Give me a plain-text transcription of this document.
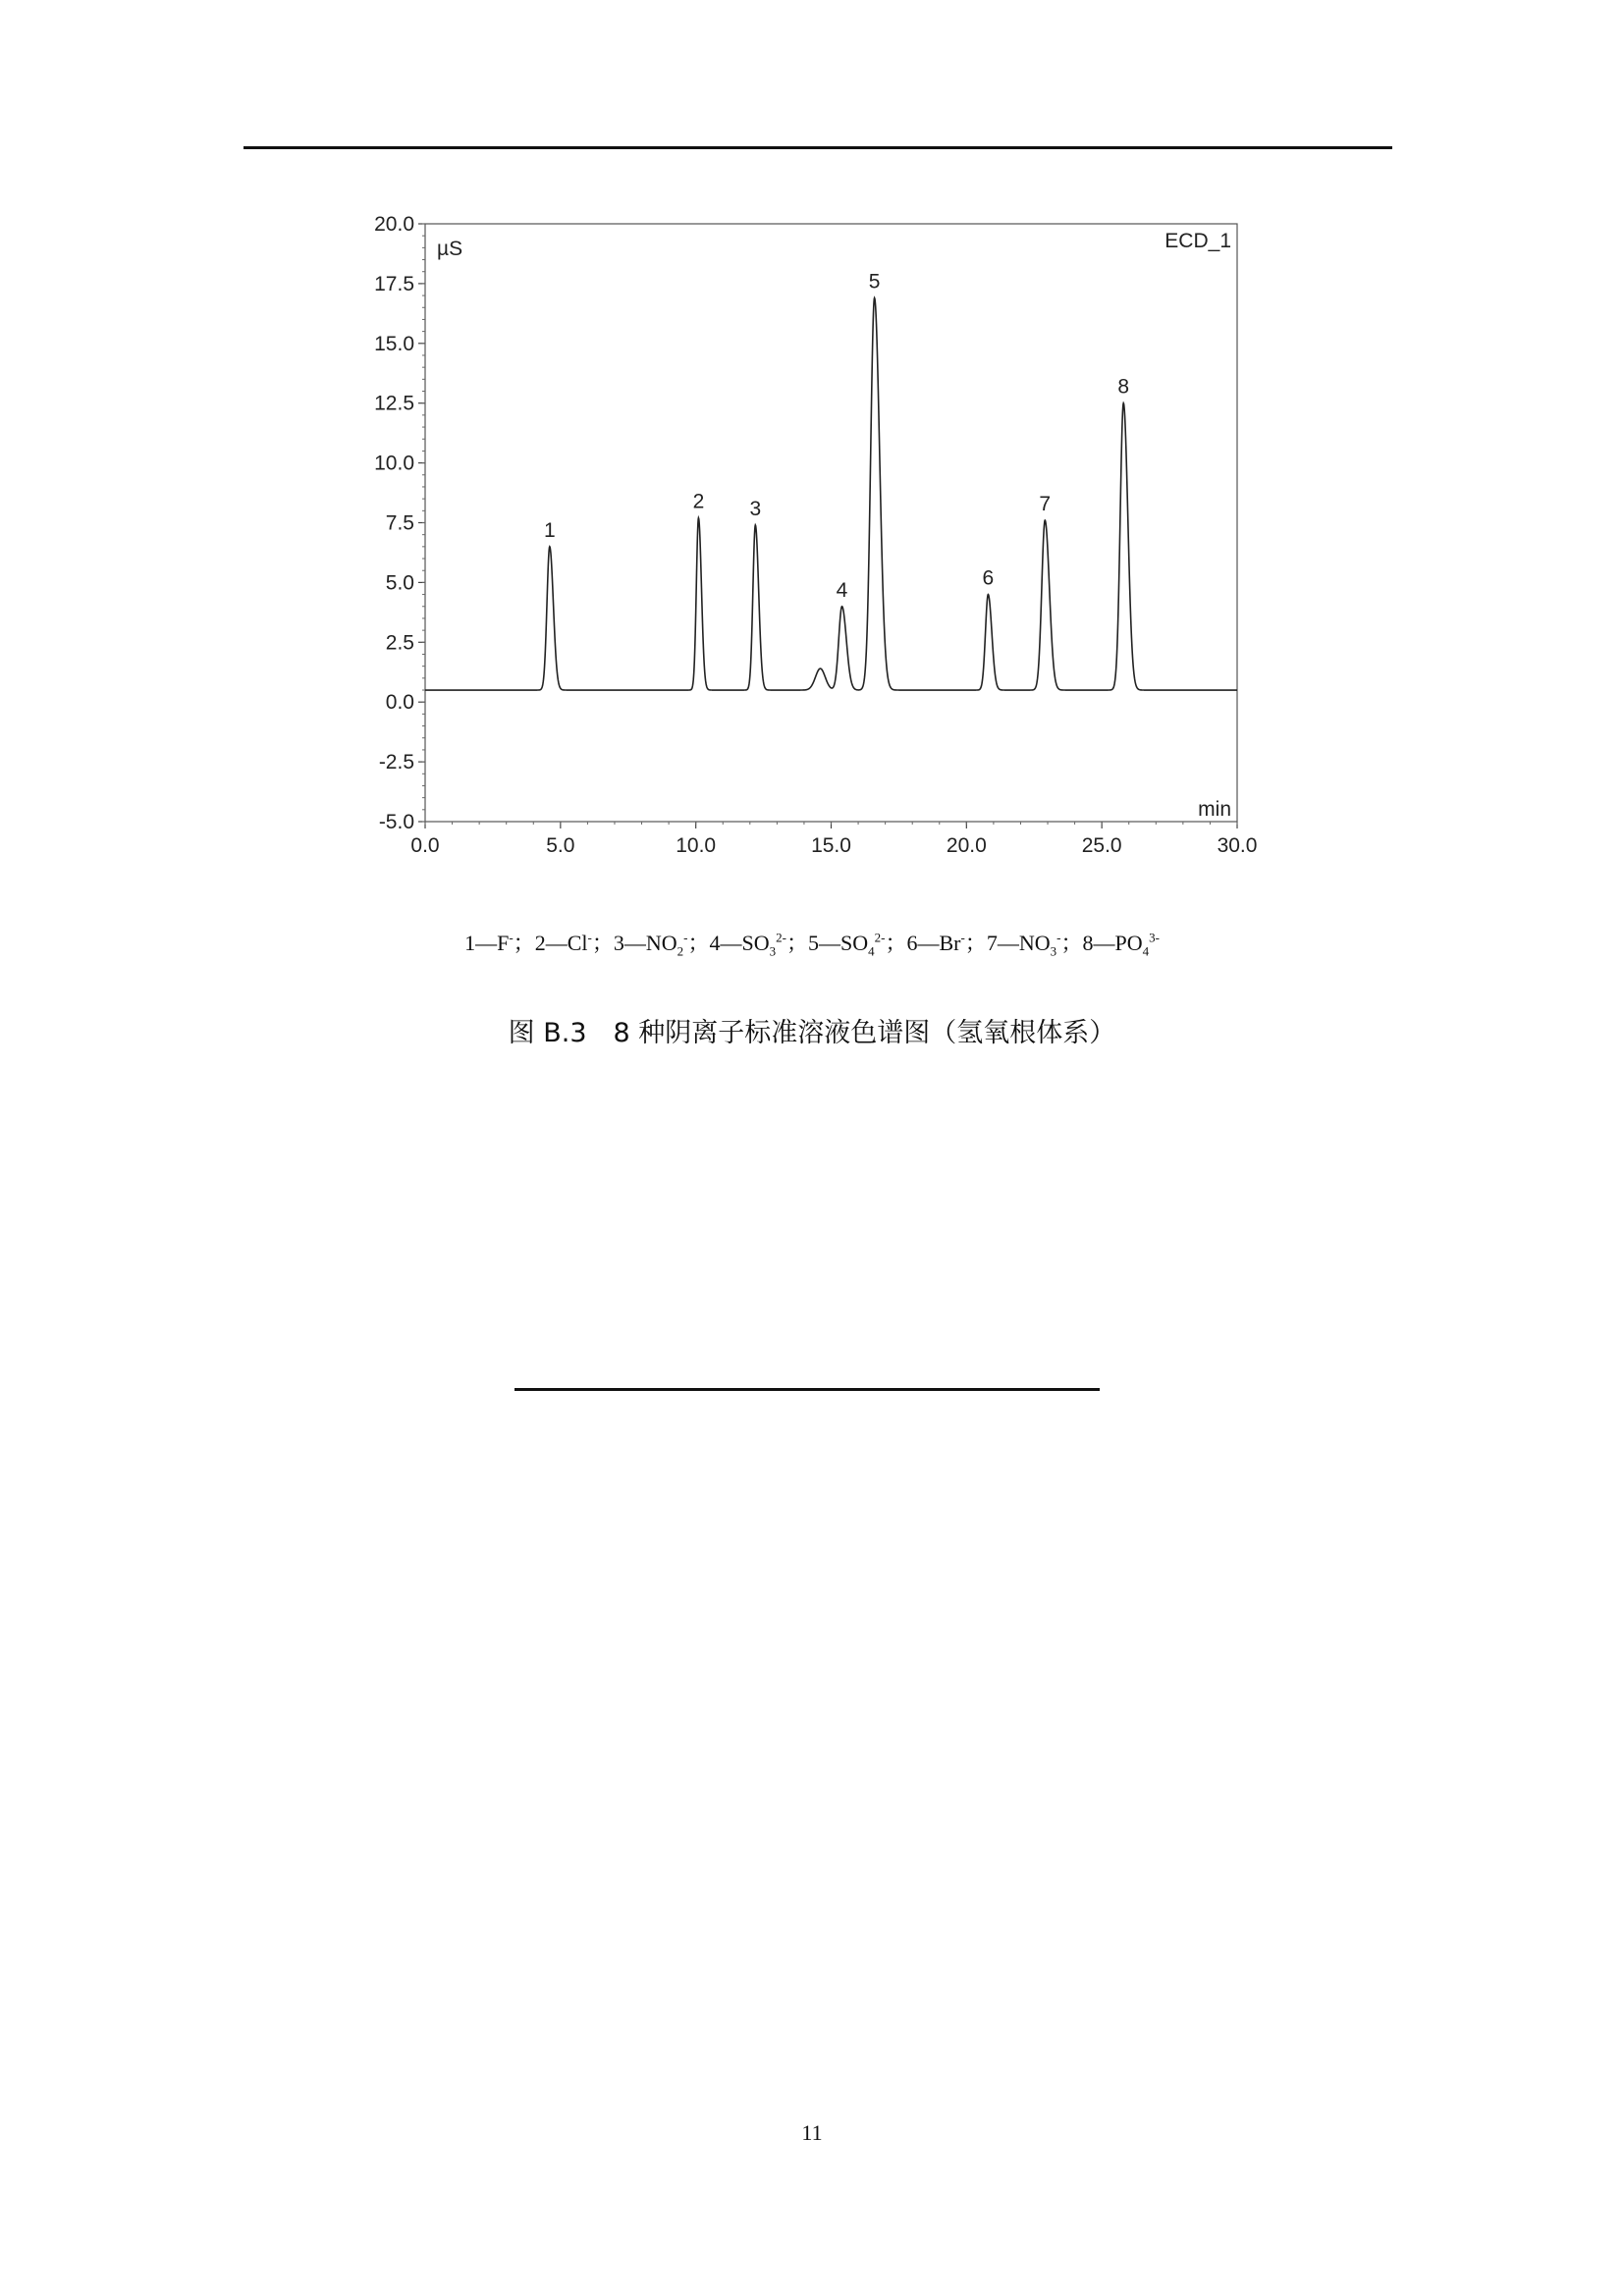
-5.0
-2.5
0.0
2.5
5.0
7.5
10.0
12.5
15.0
17.5
20.0
0.0	5.0	10.0	15.0	20.0	25.0	30.0
µS	ECD_1
min
1
2 3
4
5
6
7
8
1—F-；2—Cl-；$3—NO_2^-$；$4—SO_3^{2-}$；$5—SO_4^{2-}$；6—Br-；$7—NO_3^-$；$8—PO_4^{3-}$
图 B.3　8 种阴离子标准溶液色谱图（氢氧根体系）
11
